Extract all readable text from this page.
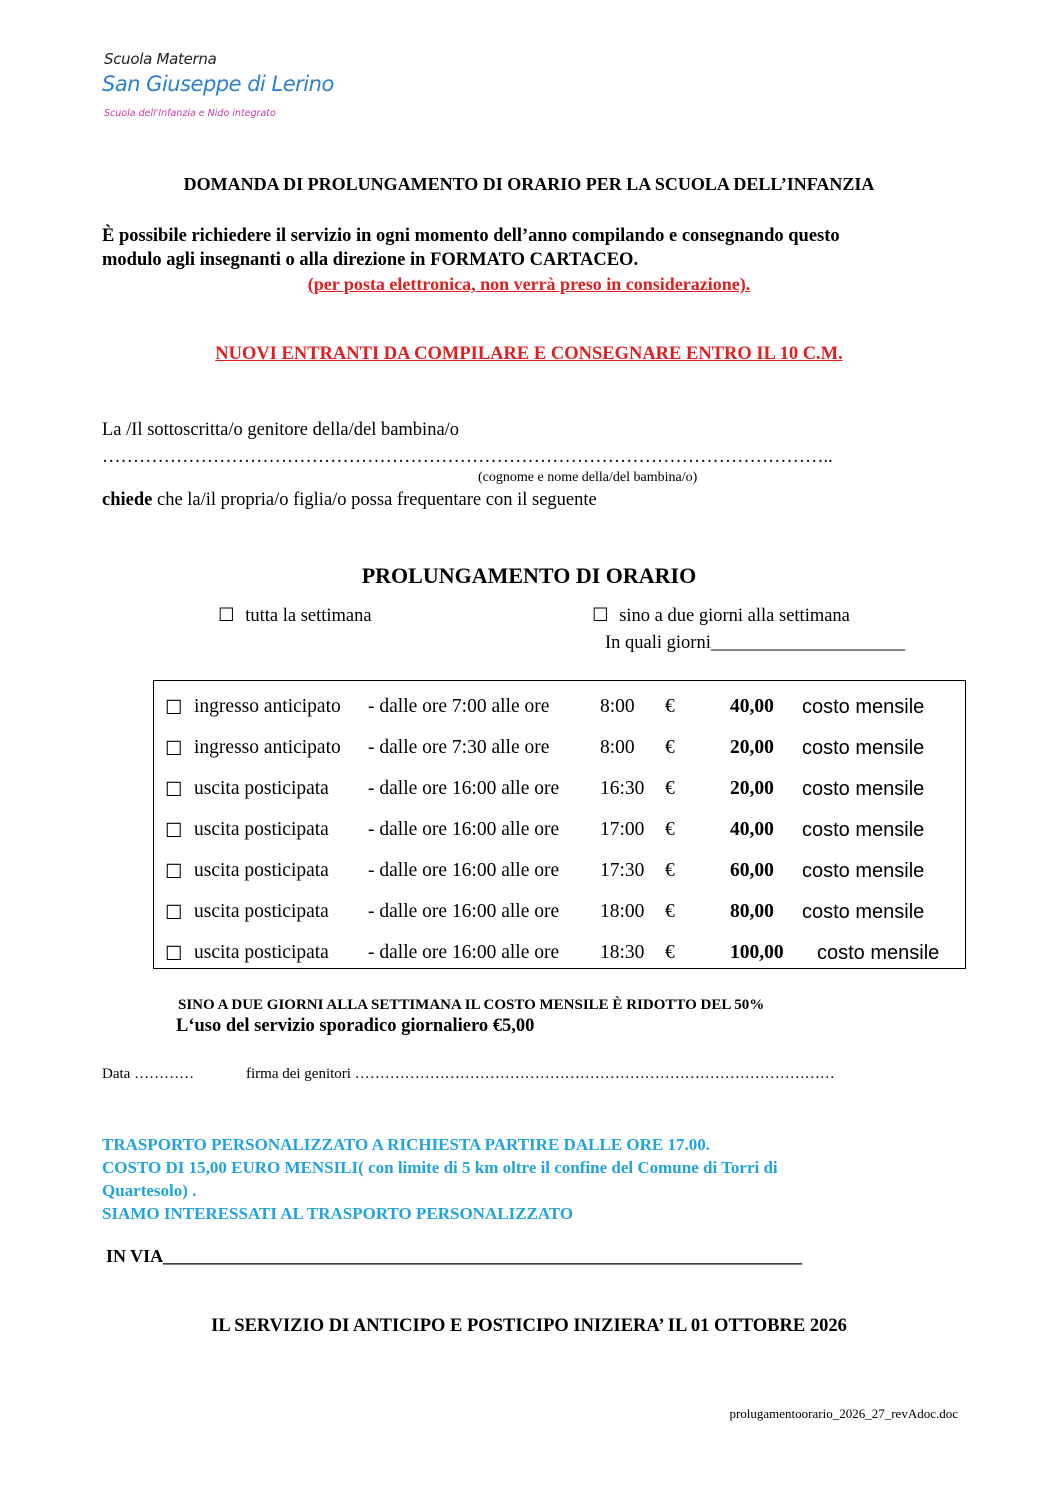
Scuola Materna
San Giuseppe di Lerino
Scuola dell'Infanzia e Nido integrato
DOMANDA DI PROLUNGAMENTO DI ORARIO PER LA SCUOLA DELL’INFANZIA
È possibile richiedere il servizio in ogni momento dell’anno compilando e consegnando questo
modulo agli insegnanti o alla direzione in FORMATO CARTACEO.
(per posta elettronica, non verrà preso in considerazione).
NUOVI ENTRANTI DA COMPILARE E CONSEGNARE ENTRO IL 10 C.M.
La /Il sottoscritta/o genitore della/del bambina/o
………………………………………………………………………………………………………..
(cognome e nome della/del bambina/o)
chiede che la/il propria/o figlia/o possa frequentare con il seguente
PROLUNGAMENTO DI ORARIO
☐ tutta la settimana	☐ sino a due giorni alla settimana
In quali giorni_____________________
☐ ingresso anticipato - dalle ore 7:00 alle ore	8:00 €	40,00 costo mensile
☐ ingresso anticipato - dalle ore 7:30 alle ore	8:00 €	20,00 costo mensile
☐ uscita posticipata - dalle ore 16:00 alle ore 16:30 €	20,00 costo mensile
☐ uscita posticipata - dalle ore 16:00 alle ore 17:00 €	40,00 costo mensile
☐ uscita posticipata - dalle ore 16:00 alle ore 17:30 €	60,00 costo mensile
☐ uscita posticipata - dalle ore 16:00 alle ore 18:00 €	80,00 costo mensile
☐ uscita posticipata - dalle ore 16:00 alle ore 18:30 €	100,00 costo mensile
SINO A DUE GIORNI ALLA SETTIMANA IL COSTO MENSILE È RIDOTTO DEL 50%
L‘uso del servizio sporadico giornaliero €5,00
Data …………	firma dei genitori ……………………………………………………………………………………
TRASPORTO PERSONALIZZATO A RICHIESTA PARTIRE DALLE ORE 17.00.
COSTO DI 15,00 EURO MENSILI( con limite di 5 km oltre il confine del Comune di Torri di
Quartesolo) .
SIAMO INTERESSATI AL TRASPORTO PERSONALIZZATO
IN VIA_______________________________________________________________________
IL SERVIZIO DI ANTICIPO E POSTICIPO INIZIERA’ IL 01 OTTOBRE 2026
prolugamentoorario_2026_27_revAdoc.doc
